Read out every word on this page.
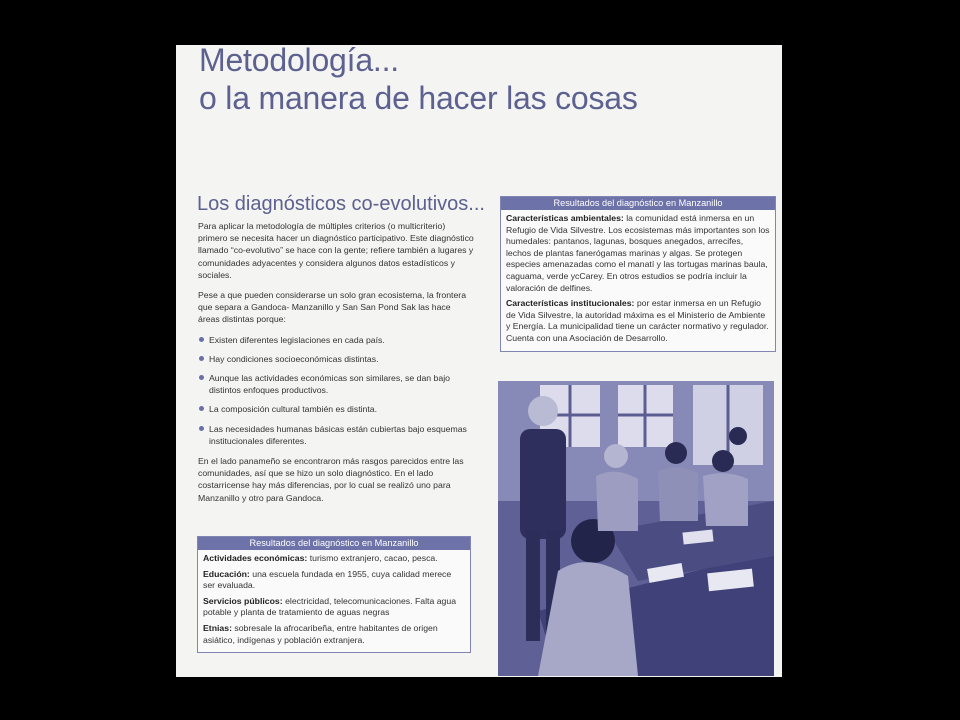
Metodología...
o la manera de hacer las cosas
Los diagnósticos co-evolutivos...

Para aplicar la metodología de múltiples criterios (o multicriterio) primero se necesita hacer un diagnóstico participativo. Este diagnóstico llamado “co-evolutivo” se hace con la gente; refiere también a lugares y comunidades adyacentes y considera algunos datos estadísticos y sociales.

Pese a que pueden considerarse un solo gran ecosistema, la frontera que separa a Gandoca- Manzanillo y San San Pond Sak las hace áreas distintas porque:

Existen diferentes legislaciones en cada país.
Hay condiciones socioeconómicas distintas.
Aunque las actividades económicas son similares, se dan bajo distintos enfoques productivos.
La composición cultural también es distinta.
Las necesidades humanas básicas están cubiertas bajo esquemas institucionales diferentes.

En el lado panameño se encontraron más rasgos parecidos entre las comunidades, así que se hizo un solo diagnóstico. En el lado costarricense hay más diferencias, por lo cual se realizó uno para Manzanillo y otro para Gandoca.

Resultados del diagnóstico en Manzanillo

Actividades económicas: turismo extranjero, cacao, pesca.

Educación: una escuela fundada en 1955, cuya calidad merece ser evaluada.

Servicios públicos: electricidad, telecomunicaciones. Falta agua potable y planta de tratamiento de aguas negras

Etnias: sobresale la afrocaribeña, entre habitantes de origen asiático, indígenas y población extranjera.

Resultados del diagnóstico en Manzanillo

Características ambientales: la comunidad está inmersa en un Refugio de Vida Silvestre. Los ecosistemas más importantes son los humedales: pantanos, lagunas, bosques anegados, arrecifes, lechos de plantas fanerógamas marinas y algas. Se protegen especies amenazadas como el manatí y las tortugas marinas baula, caguama, verde ycCarey. En otros estudios se podría incluir la valoración de delfines.

Características institucionales: por estar inmersa en un Refugio de Vida Silvestre, la autoridad máxima es el Ministerio de Ambiente y Energía. La municipalidad tiene un carácter normativo y regulador. Cuenta con una Asociación de Desarrollo.
